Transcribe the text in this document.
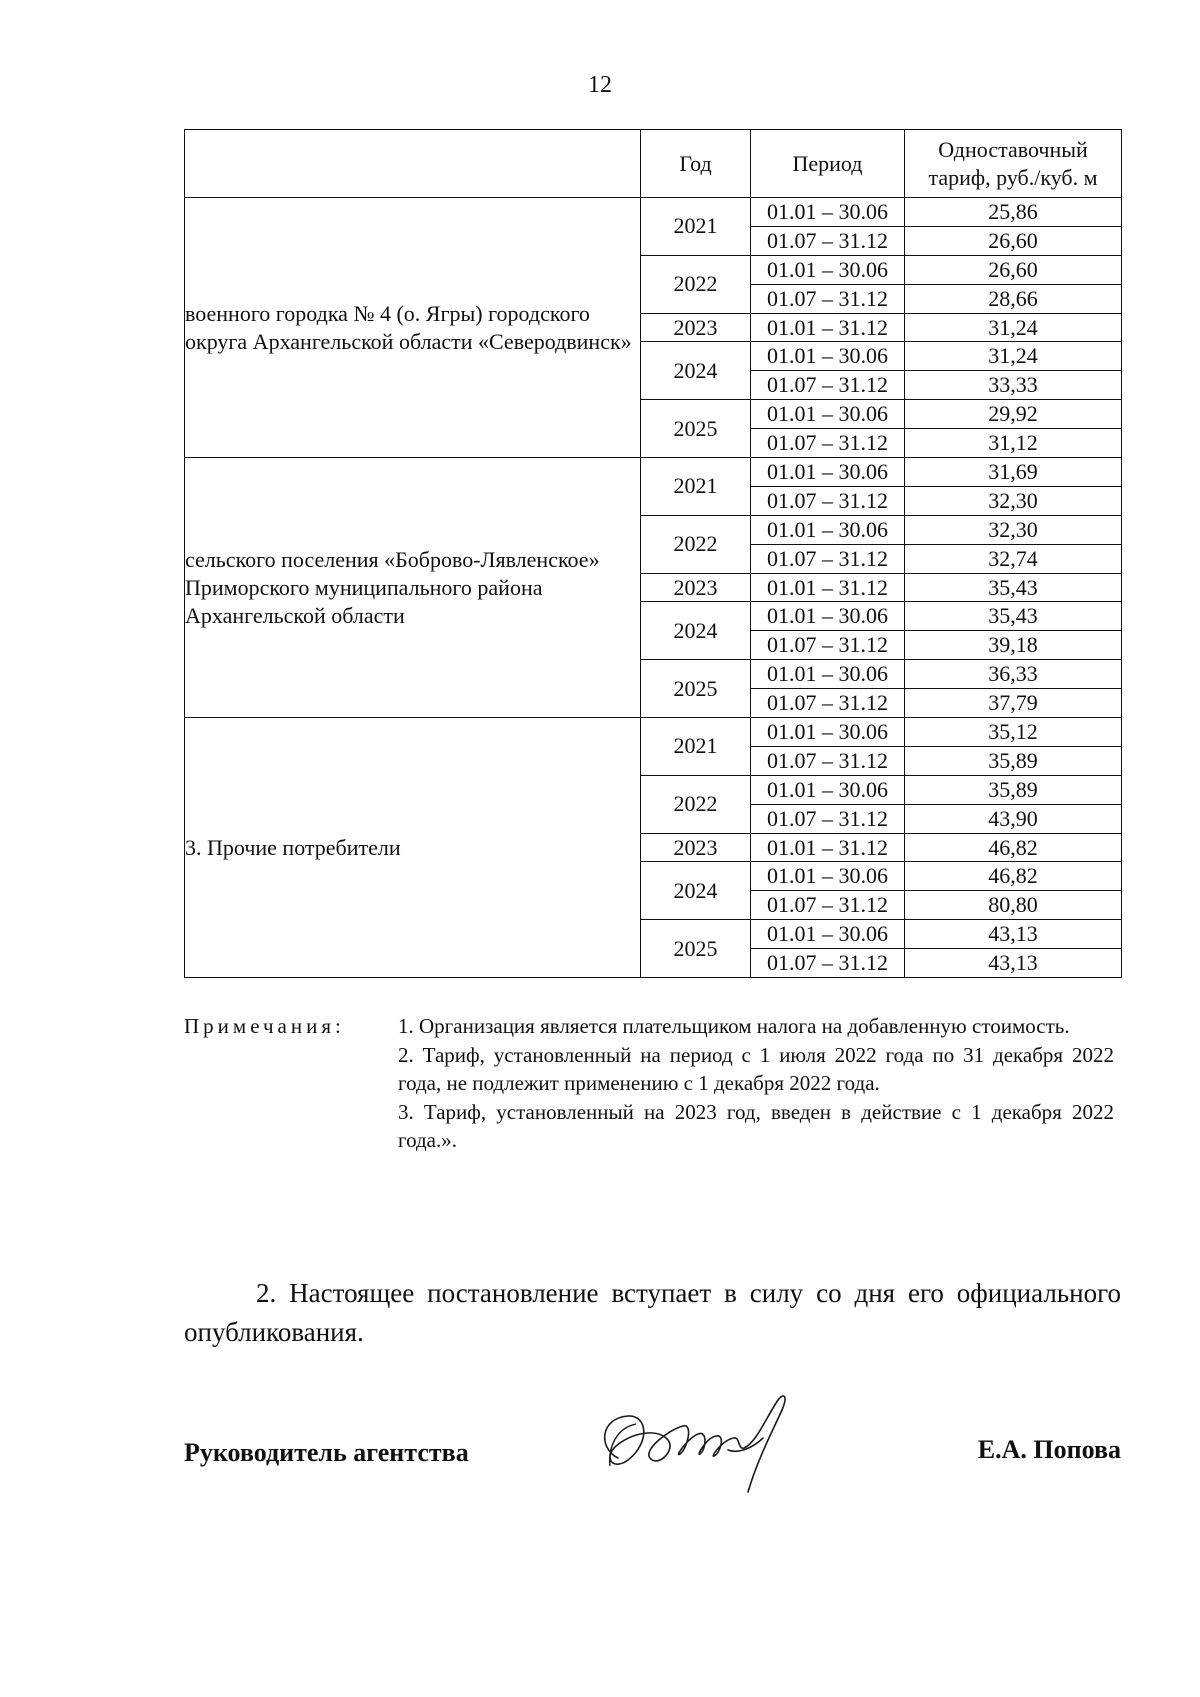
12
	Год	Период	Одноставочный тариф, руб./куб. м
военного городка № 4 (о. Ягры) городского округа Архангельской области «Северодвинск»	2021	01.01 – 30.06	25,86
		01.07 – 31.12	26,60
	2022	01.01 – 30.06	26,60
		01.07 – 31.12	28,66
	2023	01.01 – 31.12	31,24
	2024	01.01 – 30.06	31,24
		01.07 – 31.12	33,33
	2025	01.01 – 30.06	29,92
		01.07 – 31.12	31,12
сельского поселения «Боброво-Лявленское» Приморского муниципального района Архангельской области	2021	01.01 – 30.06	31,69
		01.07 – 31.12	32,30
	2022	01.01 – 30.06	32,30
		01.07 – 31.12	32,74
	2023	01.01 – 31.12	35,43
	2024	01.01 – 30.06	35,43
		01.07 – 31.12	39,18
	2025	01.01 – 30.06	36,33
		01.07 – 31.12	37,79
3. Прочие потребители	2021	01.01 – 30.06	35,12
		01.07 – 31.12	35,89
	2022	01.01 – 30.06	35,89
		01.07 – 31.12	43,90
	2023	01.01 – 31.12	46,82
	2024	01.01 – 30.06	46,82
		01.07 – 31.12	80,80
	2025	01.01 – 30.06	43,13
		01.07 – 31.12	43,13
Примечания:	1. Организация является плательщиком налога на добавленную стоимость.
2. Тариф, установленный на период с 1 июля 2022 года по 31 декабря 2022 года, не подлежит применению с 1 декабря 2022 года.
3. Тариф, установленный на 2023 год, введен в действие с 1 декабря 2022 года.».
2. Настоящее постановление вступает в силу со дня его официального опубликования.
Руководитель агентства	Е.А. Попова
